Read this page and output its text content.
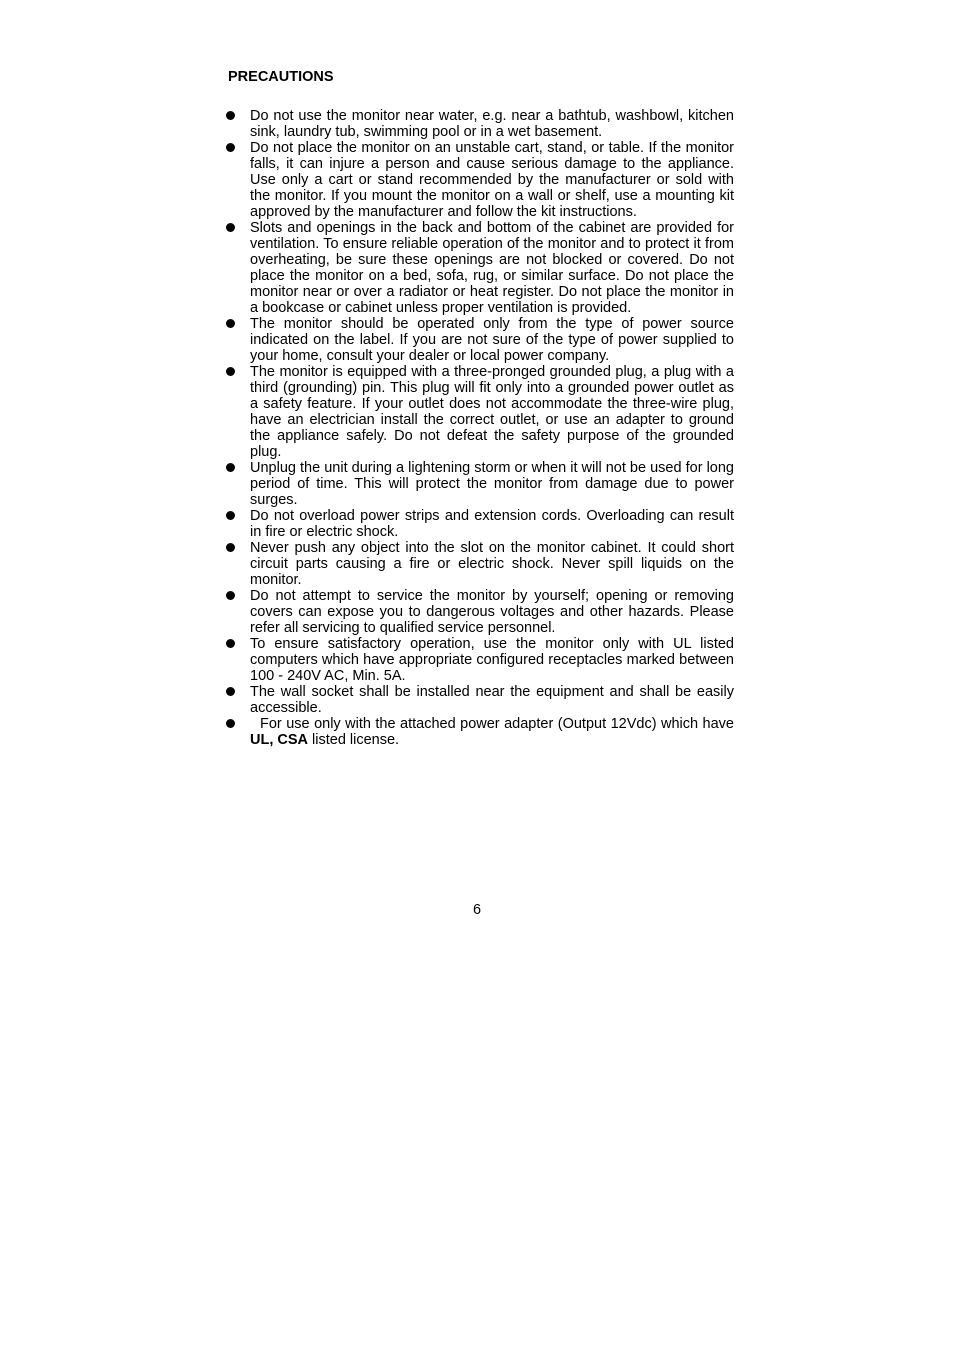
PRECAUTIONS
Do not use the monitor near water, e.g. near a bathtub, washbowl, kitchen sink, laundry tub, swimming pool or in a wet basement.
Do not place the monitor on an unstable cart, stand, or table. If the monitor falls, it can injure a person and cause serious damage to the appliance. Use only a cart or stand recommended by the manufacturer or sold with the monitor. If you mount the monitor on a wall or shelf, use a mounting kit approved by the manufacturer and follow the kit instructions.
Slots and openings in the back and bottom of the cabinet are provided for ventilation. To ensure reliable operation of the monitor and to protect it from overheating, be sure these openings are not blocked or covered. Do not place the monitor on a bed, sofa, rug, or similar surface. Do not place the monitor near or over a radiator or heat register. Do not place the monitor in a bookcase or cabinet unless proper ventilation is provided.
The monitor should be operated only from the type of power source indicated on the label. If you are not sure of the type of power supplied to your home, consult your dealer or local power company.
The monitor is equipped with a three-pronged grounded plug, a plug with a third (grounding) pin. This plug will fit only into a grounded power outlet as a safety feature. If your outlet does not accommodate the three-wire plug, have an electrician install the correct outlet, or use an adapter to ground the appliance safely. Do not defeat the safety purpose of the grounded plug.
Unplug the unit during a lightening storm or when it will not be used for long period of time. This will protect the monitor from damage due to power surges.
Do not overload power strips and extension cords. Overloading can result in fire or electric shock.
Never push any object into the slot on the monitor cabinet. It could short circuit parts causing a fire or electric shock. Never spill liquids on the monitor.
Do not attempt to service the monitor by yourself; opening or removing covers can expose you to dangerous voltages and other hazards. Please refer all servicing to qualified service personnel.
To ensure satisfactory operation, use the monitor only with UL listed computers which have appropriate configured receptacles marked between 100 - 240V AC, Min. 5A.
The wall socket shall be installed near the equipment and shall be easily accessible.
For use only with the attached power adapter (Output 12Vdc) which have UL, CSA listed license.
6
